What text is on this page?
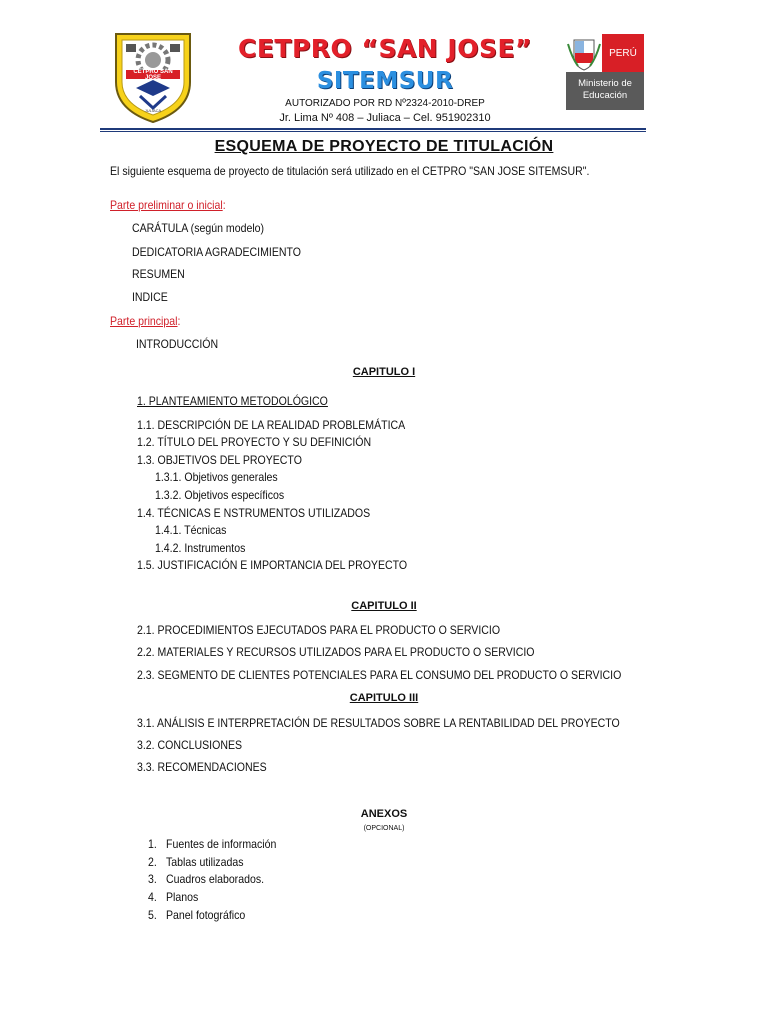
CETPRO SAN JOSE
JULIACA
CETPRO “SAN JOSE”
SITEMSUR
AUTORIZADO POR RD Nº2324-2010-DREP
Jr. Lima Nº 408 – Juliaca – Cel. 951902310
PERÚ
Ministerio de
Educación
ESQUEMA DE PROYECTO DE TITULACIÓN
El siguiente esquema de proyecto de titulación será utilizado en el CETPRO "SAN JOSE SITEMSUR".
Parte preliminar o inicial:
CARÁTULA (según modelo)
DEDICATORIA AGRADECIMIENTO
RESUMEN
INDICE
Parte principal:
INTRODUCCIÓN
CAPITULO I
1. PLANTEAMIENTO METODOLÓGICO
1.1. DESCRIPCIÓN DE LA REALIDAD PROBLEMÁTICA
1.2. TÍTULO DEL PROYECTO Y SU DEFINICIÓN
1.3. OBJETIVOS DEL PROYECTO
1.3.1. Objetivos generales
1.3.2. Objetivos específicos
1.4. TÉCNICAS E NSTRUMENTOS UTILIZADOS
1.4.1. Técnicas
1.4.2. Instrumentos
1.5. JUSTIFICACIÓN E IMPORTANCIA DEL PROYECTO
CAPITULO II
2.1. PROCEDIMIENTOS EJECUTADOS PARA EL PRODUCTO O SERVICIO
2.2. MATERIALES Y RECURSOS UTILIZADOS PARA EL PRODUCTO O SERVICIO
2.3. SEGMENTO DE CLIENTES POTENCIALES PARA EL CONSUMO DEL PRODUCTO O SERVICIO
CAPITULO III
3.1. ANÁLISIS E INTERPRETACIÓN DE RESULTADOS SOBRE LA RENTABILIDAD DEL PROYECTO
3.2. CONCLUSIONES
3.3. RECOMENDACIONES
ANEXOS
(OPCIONAL)
1. Fuentes de información
2. Tablas utilizadas
3. Cuadros elaborados.
4. Planos
5. Panel fotográfico
